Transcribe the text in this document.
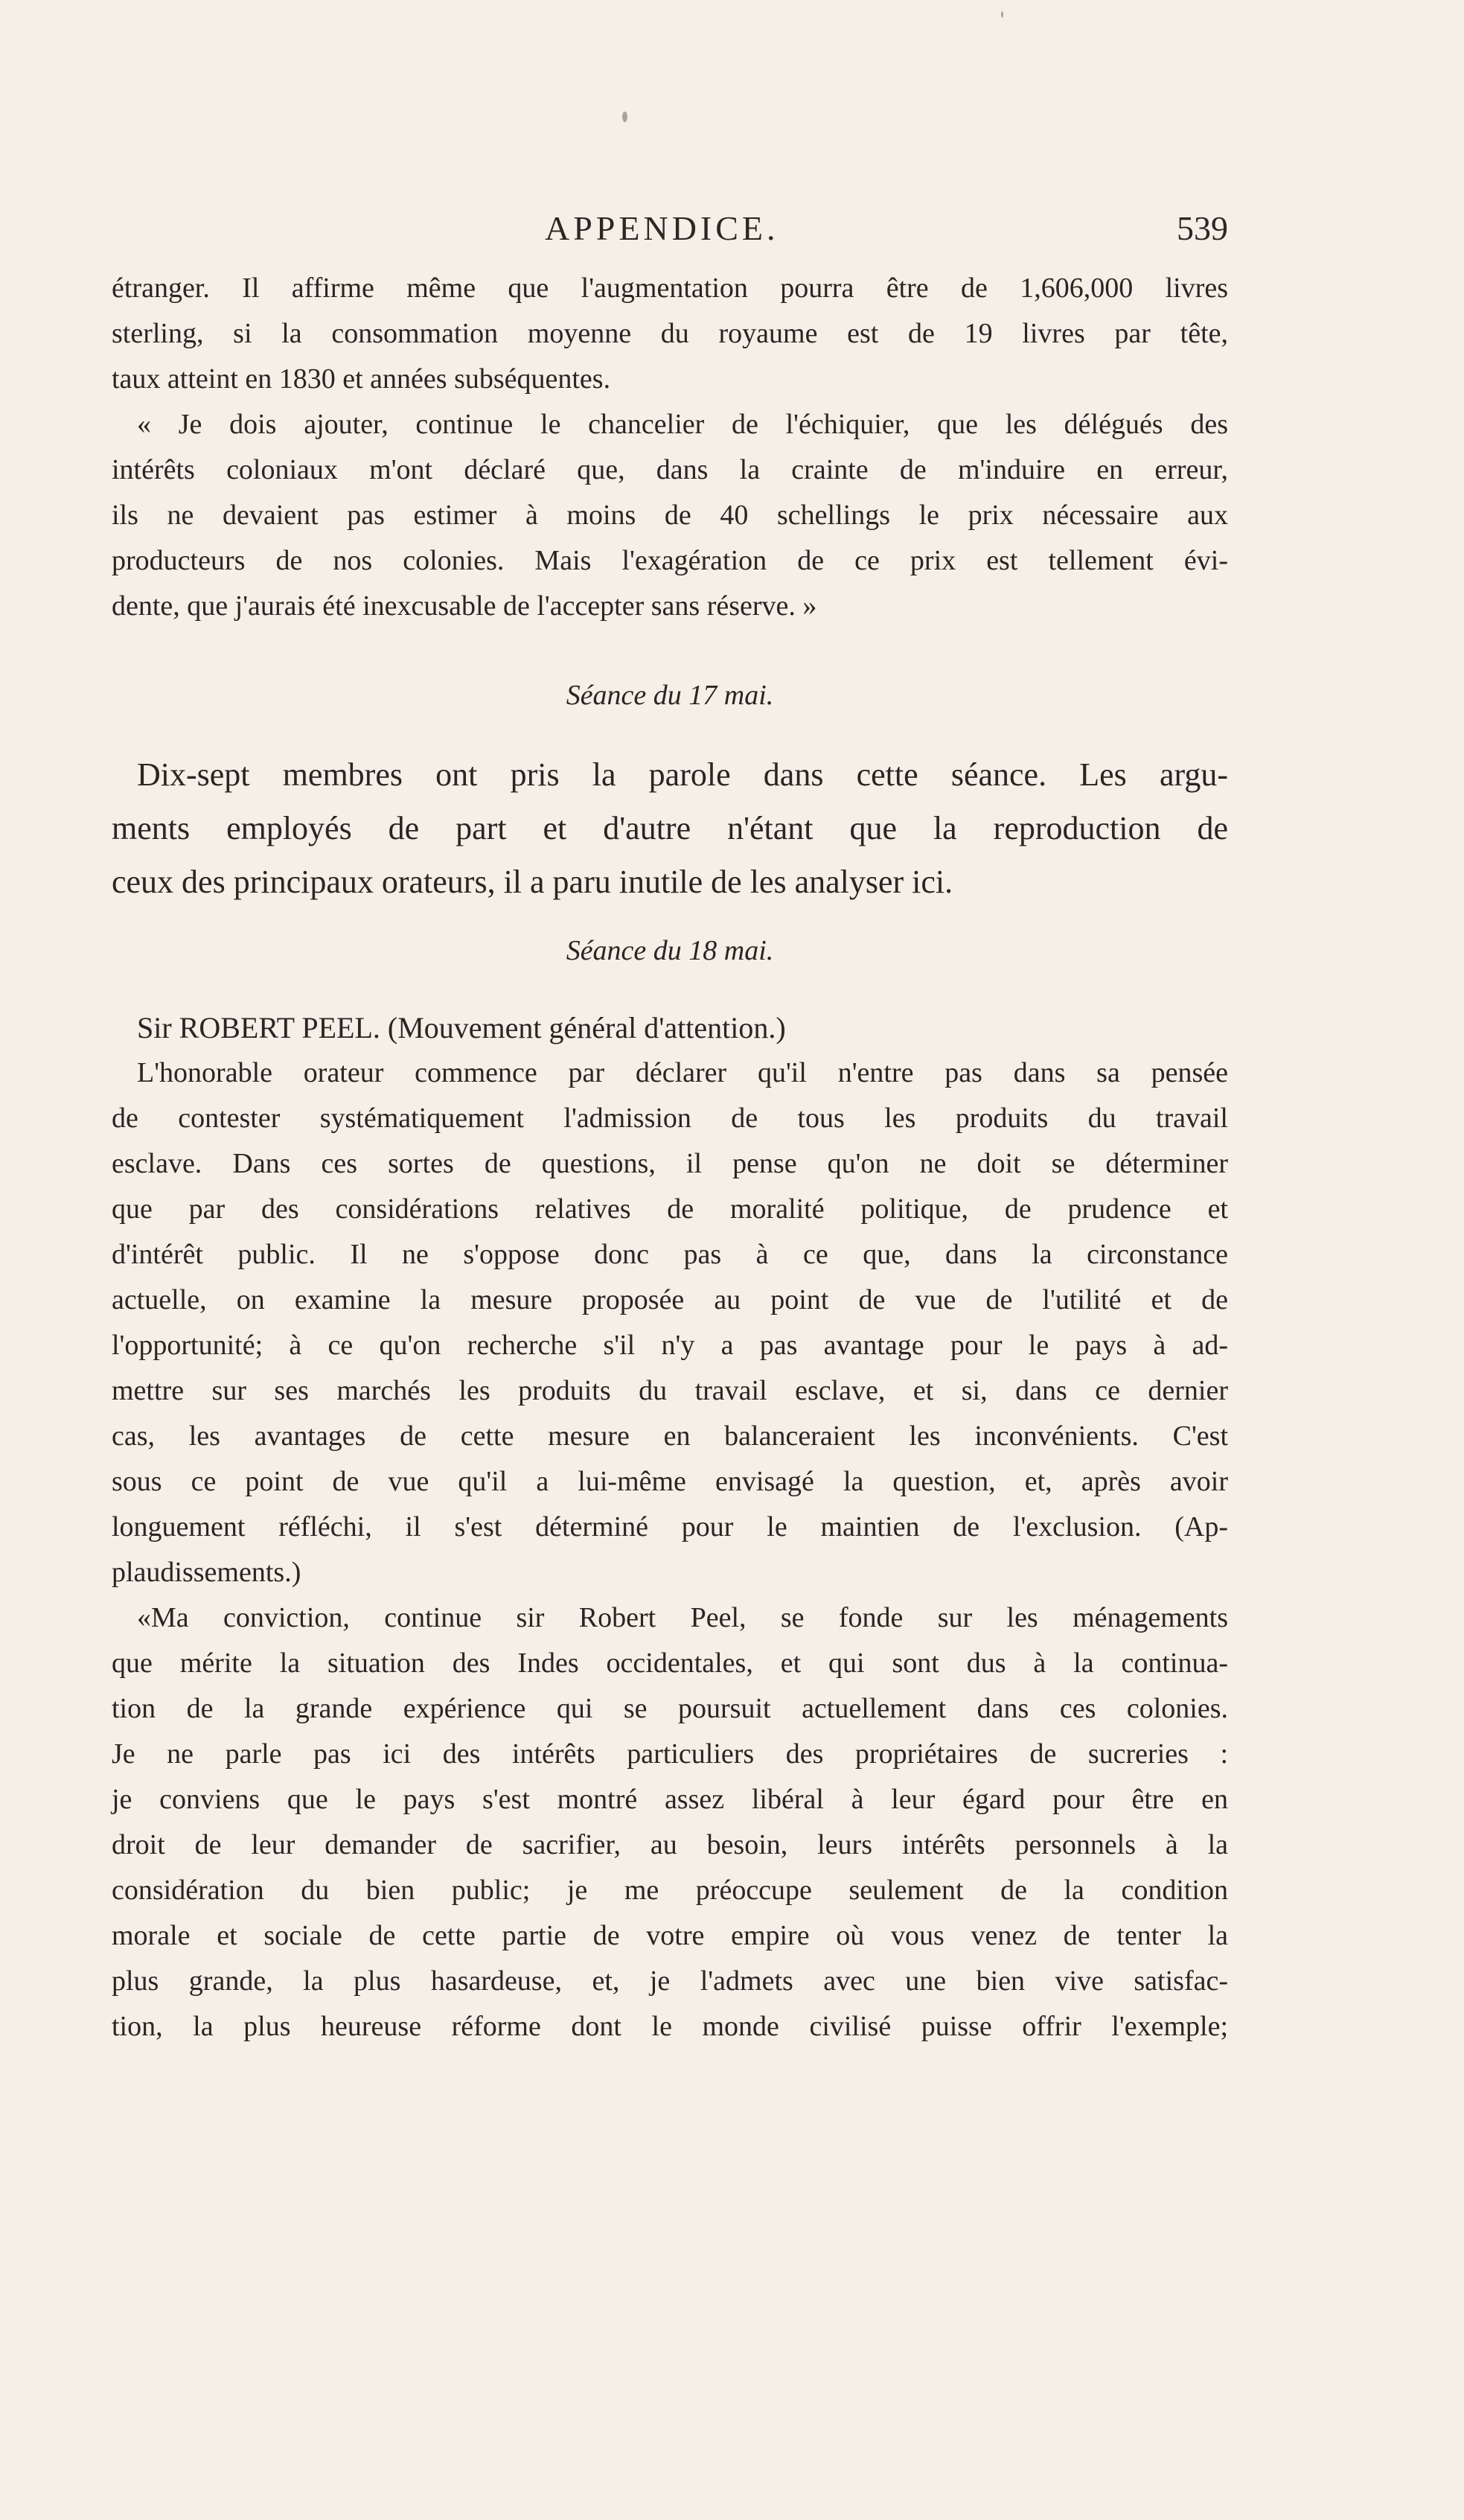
APPENDICE.	539
étranger. Il affirme même que l'augmentation pourra être de 1,606,000 livres
sterling, si la consommation moyenne du royaume est de 19 livres par tête,
taux atteint en 1830 et années subséquentes.
« Je dois ajouter, continue le chancelier de l'échiquier, que les délégués des
intérêts coloniaux m'ont déclaré que, dans la crainte de m'induire en erreur,
ils ne devaient pas estimer à moins de 40 schellings le prix nécessaire aux
producteurs de nos colonies. Mais l'exagération de ce prix est tellement évi-
dente, que j'aurais été inexcusable de l'accepter sans réserve. »
Séance du 17 mai.
Dix-sept membres ont pris la parole dans cette séance. Les argu-
ments employés de part et d'autre n'étant que la reproduction de
ceux des principaux orateurs, il a paru inutile de les analyser ici.
Séance du 18 mai.
Sir ROBERT PEEL. (Mouvement général d'attention.)
L'honorable orateur commence par déclarer qu'il n'entre pas dans sa pensée
de contester systématiquement l'admission de tous les produits du travail
esclave. Dans ces sortes de questions, il pense qu'on ne doit se déterminer
que par des considérations relatives de moralité politique, de prudence et
d'intérêt public. Il ne s'oppose donc pas à ce que, dans la circonstance
actuelle, on examine la mesure proposée au point de vue de l'utilité et de
l'opportunité; à ce qu'on recherche s'il n'y a pas avantage pour le pays à ad-
mettre sur ses marchés les produits du travail esclave, et si, dans ce dernier
cas, les avantages de cette mesure en balanceraient les inconvénients. C'est
sous ce point de vue qu'il a lui-même envisagé la question, et, après avoir
longuement réfléchi, il s'est déterminé pour le maintien de l'exclusion. (Ap-
plaudissements.)
«Ma conviction, continue sir Robert Peel, se fonde sur les ménagements
que mérite la situation des Indes occidentales, et qui sont dus à la continua-
tion de la grande expérience qui se poursuit actuellement dans ces colonies.
Je ne parle pas ici des intérêts particuliers des propriétaires de sucreries :
je conviens que le pays s'est montré assez libéral à leur égard pour être en
droit de leur demander de sacrifier, au besoin, leurs intérêts personnels à la
considération du bien public; je me préoccupe seulement de la condition
morale et sociale de cette partie de votre empire où vous venez de tenter la
plus grande, la plus hasardeuse, et, je l'admets avec une bien vive satisfac-
tion, la plus heureuse réforme dont le monde civilisé puisse offrir l'exemple;
